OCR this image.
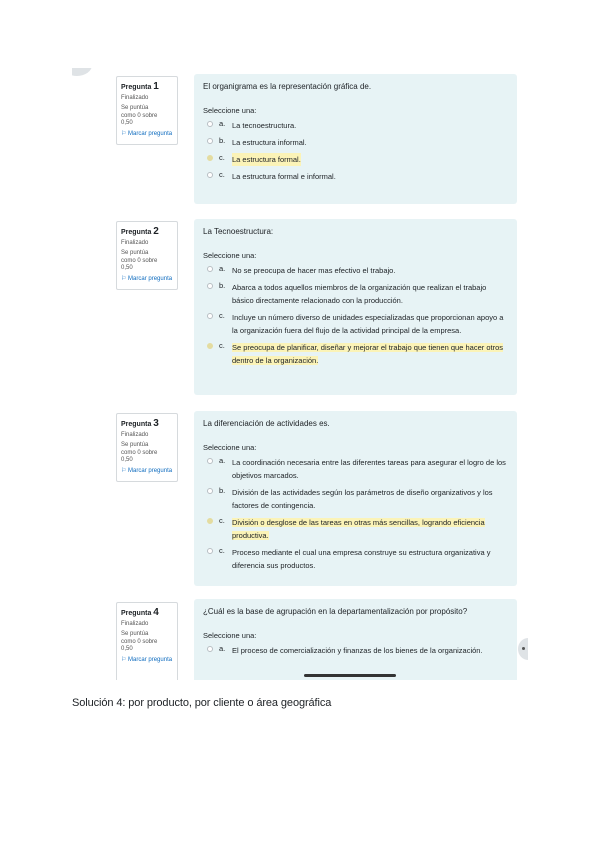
Pregunta 1
Finalizado
Se puntúa
como 0 sobre
0,50
⚐ Marcar pregunta
El organigrama es la representación gráfica de.
Seleccione una:
a. La tecnoestructura.
b. La estructura informal.
c. La estructura formal.
c. La estructura formal e informal.
Pregunta 2
Finalizado
Se puntúa
como 0 sobre
0,50
⚐ Marcar pregunta
La Tecnoestructura:
Seleccione una:
a. No se preocupa de hacer mas efectivo el trabajo.
b. Abarca a todos aquellos miembros de la organización que realizan el trabajo básico directamente relacionado con la producción.
c. Incluye un número diverso de unidades especializadas que proporcionan apoyo a la organización fuera del flujo de la actividad principal de la empresa.
c. Se preocupa de planificar, diseñar y mejorar el trabajo que tienen que hacer otros dentro de la organización.
Pregunta 3
Finalizado
Se puntúa
como 0 sobre
0,50
⚐ Marcar pregunta
La diferenciación de actividades es.
Seleccione una:
a. La coordinación necesaria entre las diferentes tareas para asegurar el logro de los objetivos marcados.
b. División de las actividades según los parámetros de diseño organizativos y los factores de contingencia.
c. División o desglose de las tareas en otras más sencillas, logrando eficiencia productiva.
c. Proceso mediante el cual una empresa construye su estructura organizativa y diferencia sus productos.
Pregunta 4
Finalizado
Se puntúa
como 0 sobre
0,50
⚐ Marcar pregunta
¿Cuál es la base de agrupación en la departamentalización por propósito?
Seleccione una:
a. El proceso de comercialización y finanzas de los bienes de la organización.
Solución 4: por producto, por cliente o área geográfica
